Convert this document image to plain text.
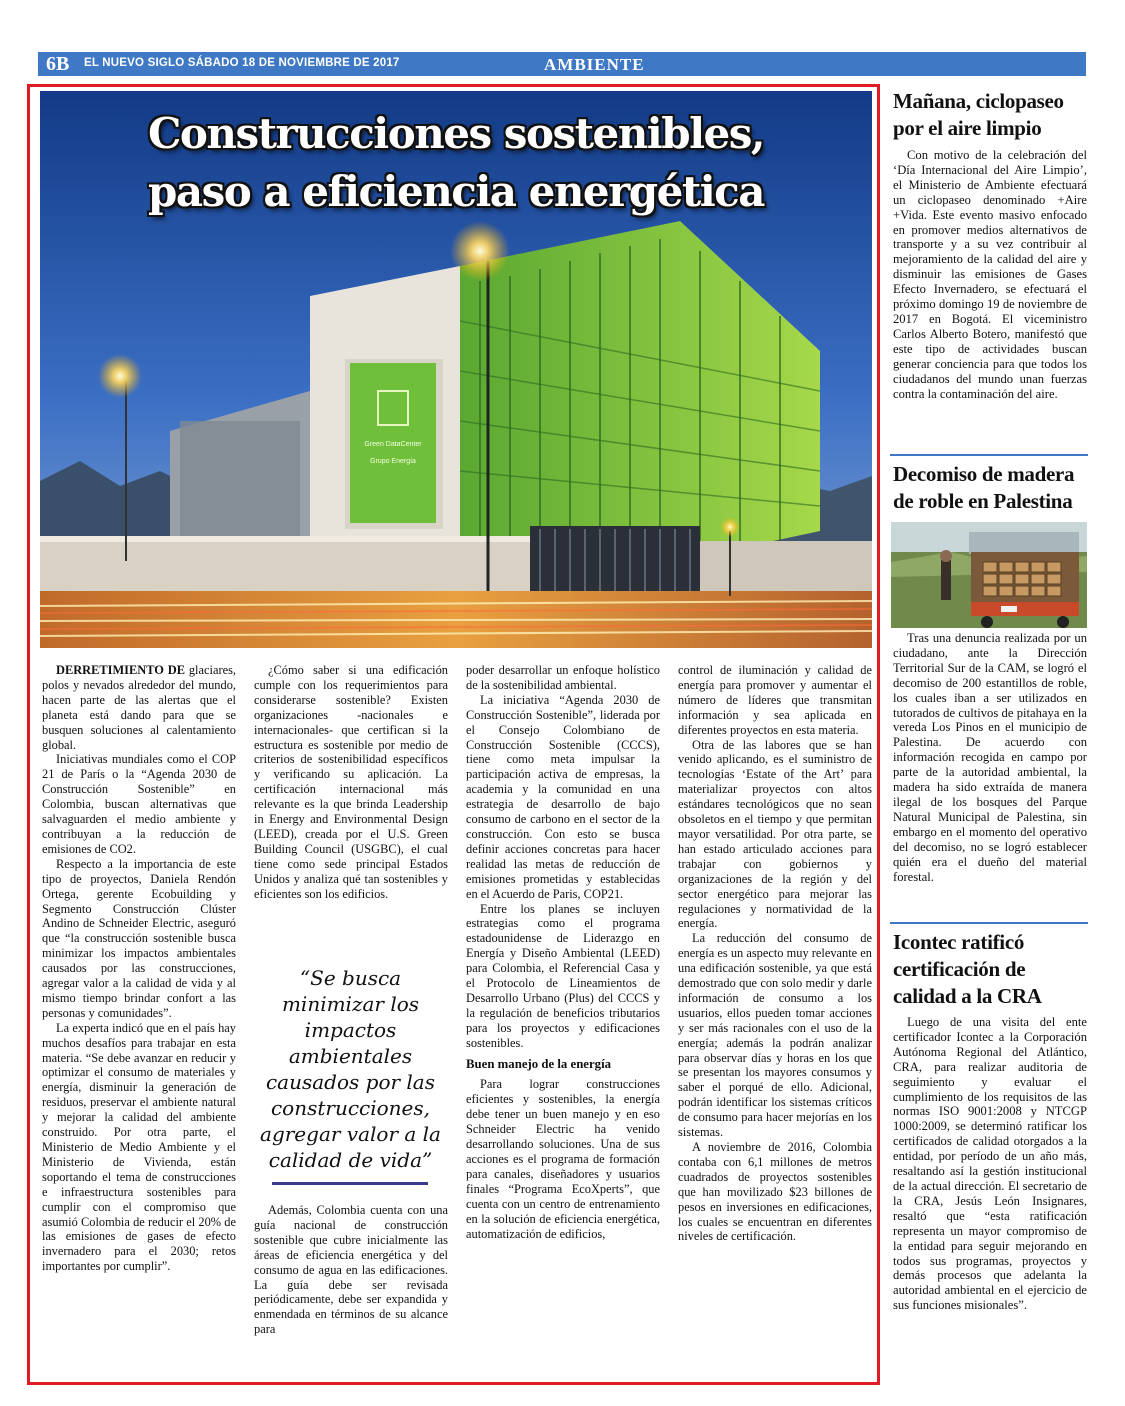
6B EL NUEVO SIGLO SÁBADO 18 DE NOVIEMBRE DE 2017	AMBIENTE
Green DataCenter
Grupo Energía
Construcciones sostenibles,
paso a eficiencia energética

DERRETIMIENTO DE glaciares, polos y nevados alrededor del mundo, hacen parte de las alertas que el planeta está dando para que se busquen soluciones al calentamiento global.

Iniciativas mundiales como el COP 21 de París o la “Agenda 2030 de Construcción Sostenible” en Colombia, buscan alternativas que salvaguarden el medio ambiente y contribuyan a la reducción de emisiones de CO2.

Respecto a la importancia de este tipo de proyectos, Daniela Rendón Ortega, gerente Ecobuilding y Segmento Construcción Clúster Andino de Schneider Electric, aseguró que “la construcción sostenible busca minimizar los impactos ambientales causados por las construcciones, agregar valor a la calidad de vida y al mismo tiempo brindar confort a las personas y comunidades”.

La experta indicó que en el país hay muchos desafíos para trabajar en esta materia. “Se debe avanzar en reducir y optimizar el consumo de materiales y energía, disminuir la generación de residuos, preservar el ambiente natural y mejorar la calidad del ambiente construido. Por otra parte, el Ministerio de Medio Ambiente y el Ministerio de Vivienda, están soportando el tema de construcciones e infraestructura sostenibles para cumplir con el compromiso que asumió Colombia de reducir el 20% de las emisiones de gases de efecto invernadero para el 2030; retos importantes por cumplir”.

¿Cómo saber si una edificación cumple con los requerimientos para considerarse sostenible? Existen organizaciones -nacionales e internacionales- que certifican si la estructura es sostenible por medio de criterios de sostenibilidad específicos y verificando su aplicación. La certificación internacional más relevante es la que brinda Leadership in Energy and Environmental Design (LEED), creada por el U.S. Green Building Council (USGBC), el cual tiene como sede principal Estados Unidos y analiza qué tan sostenibles y eficientes son los edificios.

“Se busca minimizar los impactos ambientales causados por las construcciones, agregar valor a la calidad de vida”

Además, Colombia cuenta con una guía nacional de construcción sostenible que cubre inicialmente las áreas de eficiencia energética y del consumo de agua en las edificaciones. La guía debe ser revisada periódicamente, debe ser expandida y enmendada en términos de su alcance para

poder desarrollar un enfoque holístico de la sostenibilidad ambiental.

La iniciativa “Agenda 2030 de Construcción Sostenible”, liderada por el Consejo Colombiano de Construcción Sostenible (CCCS), tiene como meta impulsar la participación activa de empresas, la academia y la comunidad en una estrategia de desarrollo de bajo consumo de carbono en el sector de la construcción. Con esto se busca definir acciones concretas para hacer realidad las metas de reducción de emisiones prometidas y establecidas en el Acuerdo de Paris, COP21.

Entre los planes se incluyen estrategias como el programa estadounidense de Liderazgo en Energía y Diseño Ambiental (LEED) para Colombia, el Referencial Casa y el Protocolo de Lineamientos de Desarrollo Urbano (Plus) del CCCS y la regulación de beneficios tributarios para los proyectos y edificaciones sostenibles.

Buen manejo de la energía

Para lograr construcciones eficientes y sostenibles, la energía debe tener un buen manejo y en eso Schneider Electric ha venido desarrollando soluciones. Una de sus acciones es el programa de formación para canales, diseñadores y usuarios finales “Programa EcoXperts”, que cuenta con un centro de entrenamiento en la solución de eficiencia energética, automatización de edificios,

control de iluminación y calidad de energía para promover y aumentar el número de líderes que transmitan información y sea aplicada en diferentes proyectos en esta materia.

Otra de las labores que se han venido aplicando, es el suministro de tecnologías ‘Estate of the Art’ para materializar proyectos con altos estándares tecnológicos que no sean obsoletos en el tiempo y que permitan mayor versatilidad. Por otra parte, se han estado articulado acciones para trabajar con gobiernos y organizaciones de la región y del sector energético para mejorar las regulaciones y normatividad de la energía.

La reducción del consumo de energía es un aspecto muy relevante en una edificación sostenible, ya que está demostrado que con solo medir y darle información de consumo a los usuarios, ellos pueden tomar acciones y ser más racionales con el uso de la energía; además la podrán analizar para observar días y horas en los que se presentan los mayores consumos y saber el porqué de ello. Adicional, podrán identificar los sistemas críticos de consumo para hacer mejorías en los sistemas.

A noviembre de 2016, Colombia contaba con 6,1 millones de metros cuadrados de proyectos sostenibles que han movilizado $23 billones de pesos en inversiones en edificaciones, los cuales se encuentran en diferentes niveles de certificación.

Mañana, ciclopaseo por el aire limpio

Con motivo de la celebración del ‘Día Internacional del Aire Limpio’, el Ministerio de Ambiente efectuará un ciclopaseo denominado +Aire +Vida. Este evento masivo enfocado en promover medios alternativos de transporte y a su vez contribuir al mejoramiento de la calidad del aire y disminuir las emisiones de Gases Efecto Invernadero, se efectuará el próximo domingo 19 de noviembre de 2017 en Bogotá. El viceministro Carlos Alberto Botero, manifestó que este tipo de actividades buscan generar conciencia para que todos los ciudadanos del mundo unan fuerzas contra la contaminación del aire.

Decomiso de madera de roble en Palestina

Tras una denuncia realizada por un ciudadano, ante la Dirección Territorial Sur de la CAM, se logró el decomiso de 200 estantillos de roble, los cuales iban a ser utilizados en tutorados de cultivos de pitahaya en la vereda Los Pinos en el municipio de Palestina. De acuerdo con información recogida en campo por parte de la autoridad ambiental, la madera ha sido extraída de manera ilegal de los bosques del Parque Natural Municipal de Palestina, sin embargo en el momento del operativo del decomiso, no se logró establecer quién era el dueño del material forestal.

Icontec ratificó certificación de calidad a la CRA

Luego de una visita del ente certificador Icontec a la Corporación Autónoma Regional del Atlántico, CRA, para realizar auditoria de seguimiento y evaluar el cumplimiento de los requisitos de las normas ISO 9001:2008 y NTCGP 1000:2009, se determinó ratificar los certificados de calidad otorgados a la entidad, por período de un año más, resaltando así la gestión institucional de la actual dirección. El secretario de la CRA, Jesús León Insignares, resaltó que “esta ratificación representa un mayor compromiso de la entidad para seguir mejorando en todos sus programas, proyectos y demás procesos que adelanta la autoridad ambiental en el ejercicio de sus funciones misionales”.
